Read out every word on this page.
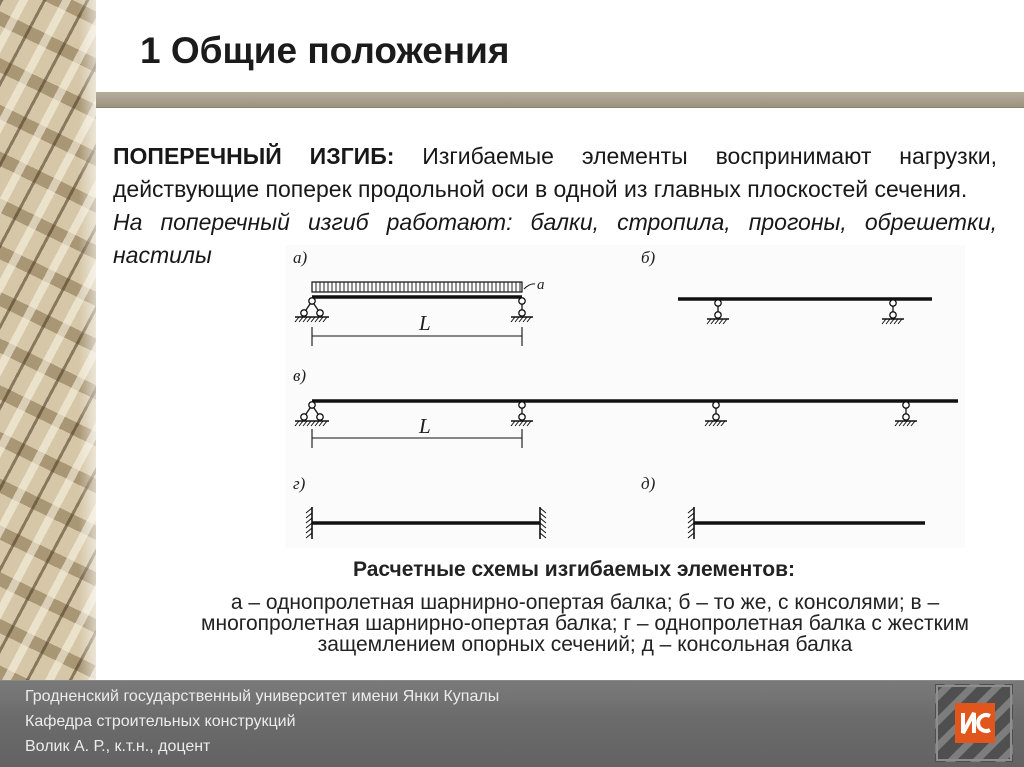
1 Общие положения
ПОПЕРЕЧНЫЙ ИЗГИБ: Изгибаемые элементы воспринимают нагрузки,
действующие поперек продольной оси в одной из главных плоскостей сечения.
На поперечный изгиб работают: балки, стропила, прогоны, обрешетки,
настилы	а)
a
L
б)
в)
L
г)	д)
Расчетные схемы изгибаемых элементов:
а – однопролетная шарнирно-опертая балка; б – то же, с консолями; в –
многопролетная шарнирно-опертая балка; г – однопролетная балка с жестким
защемлением опорных сечений; д – консольная балка
Гродненский государственный университет имени Янки Купалы
Кафедра строительных конструкций
Волик А. Р., к.т.н., доцент
